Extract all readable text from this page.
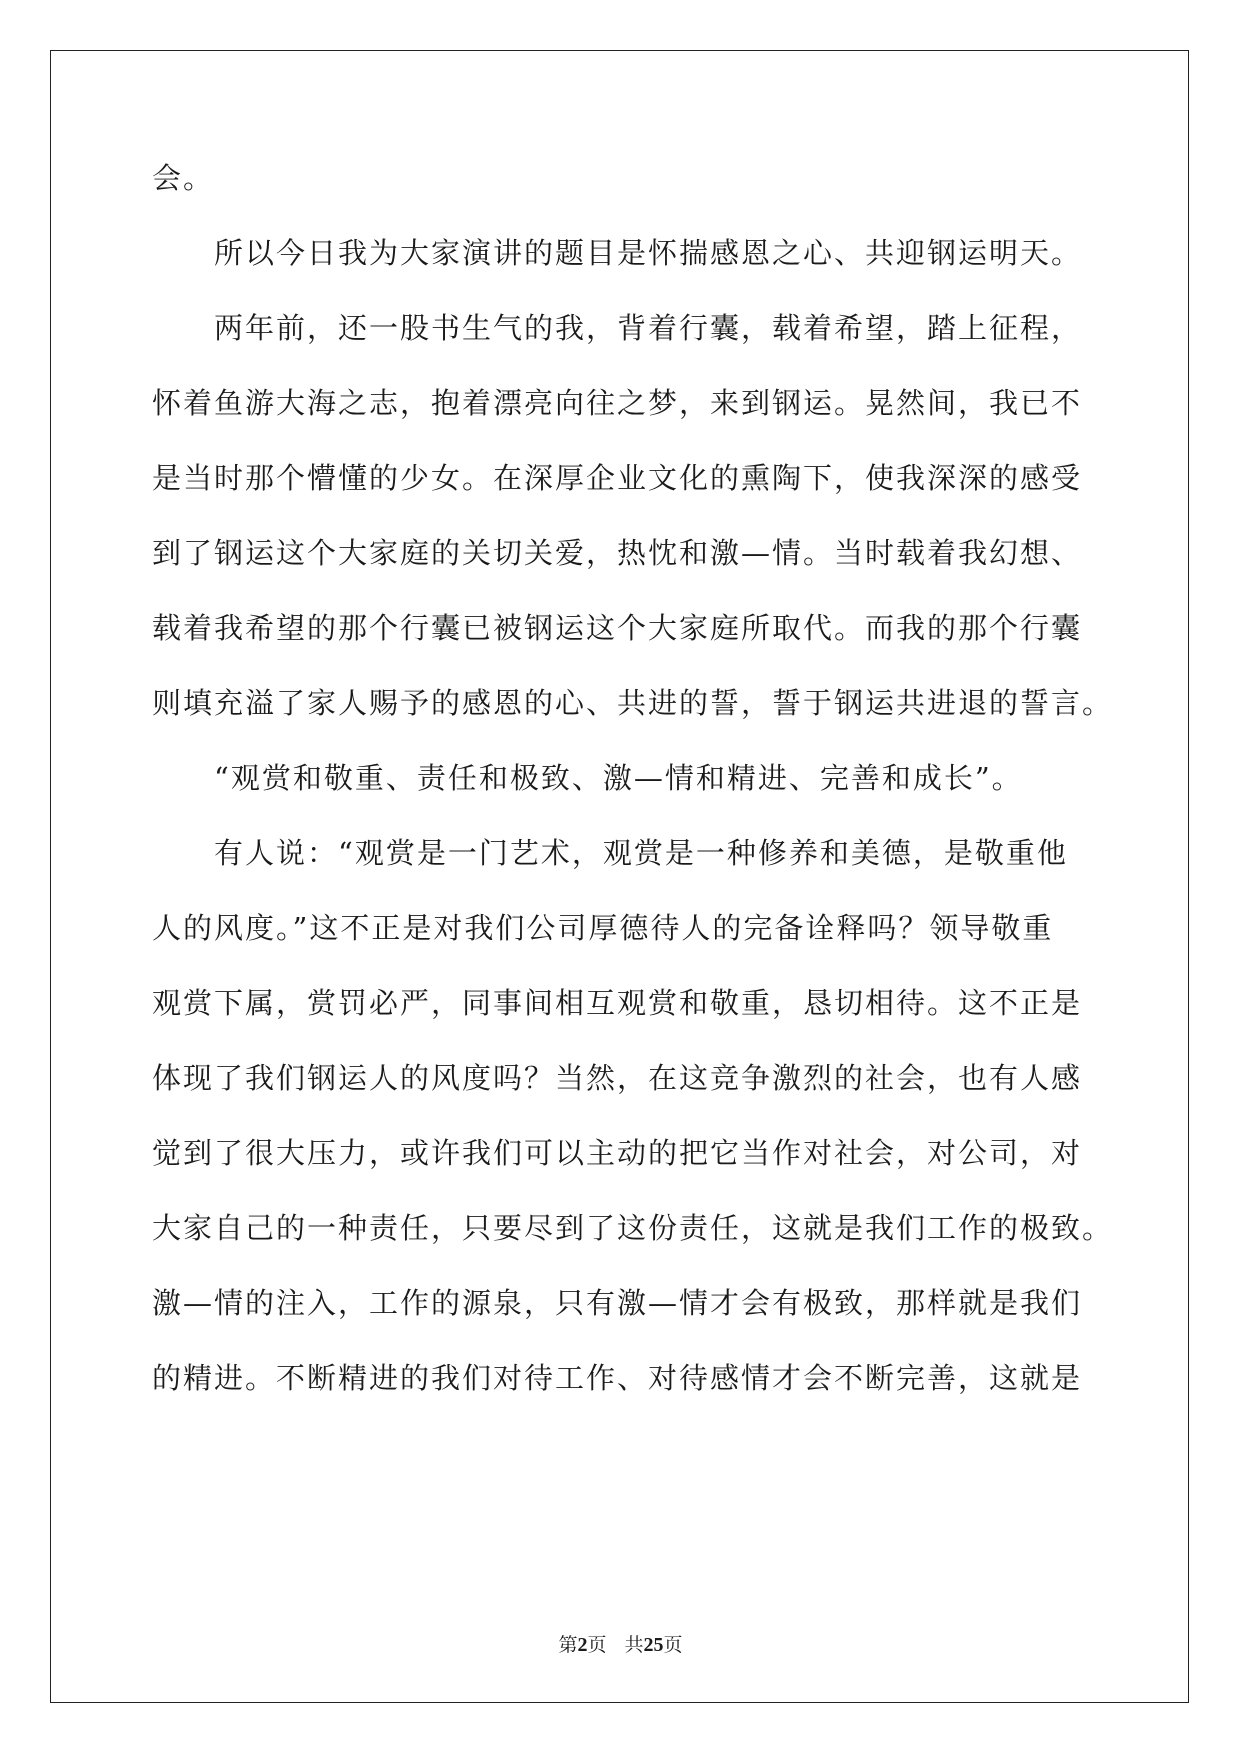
会。
　　所以今日我为大家演讲的题目是怀揣感恩之心、共迎钢运明天。
　　两年前，还一股书生气的我，背着行囊，载着希望，踏上征程，
怀着鱼游大海之志，抱着漂亮向往之梦，来到钢运。晃然间，我已不
是当时那个懵懂的少女。在深厚企业文化的熏陶下，使我深深的感受
到了钢运这个大家庭的关切关爱，热忱和激—情。当时载着我幻想、
载着我希望的那个行囊已被钢运这个大家庭所取代。而我的那个行囊
则填充溢了家人赐予的感恩的心、共进的誓，誓于钢运共进退的誓言。
　　“观赏和敬重、责任和极致、激—情和精进、完善和成长”。
　　有人说：“观赏是一门艺术，观赏是一种修养和美德，是敬重他
人的风度。”这不正是对我们公司厚德待人的完备诠释吗？领导敬重
观赏下属，赏罚必严，同事间相互观赏和敬重，恳切相待。这不正是
体现了我们钢运人的风度吗？当然，在这竞争激烈的社会，也有人感
觉到了很大压力，或许我们可以主动的把它当作对社会，对公司，对
大家自己的一种责任，只要尽到了这份责任，这就是我们工作的极致。
激—情的注入，工作的源泉，只有激—情才会有极致，那样就是我们
的精进。不断精进的我们对待工作、对待感情才会不断完善，这就是
第2页 共25页
